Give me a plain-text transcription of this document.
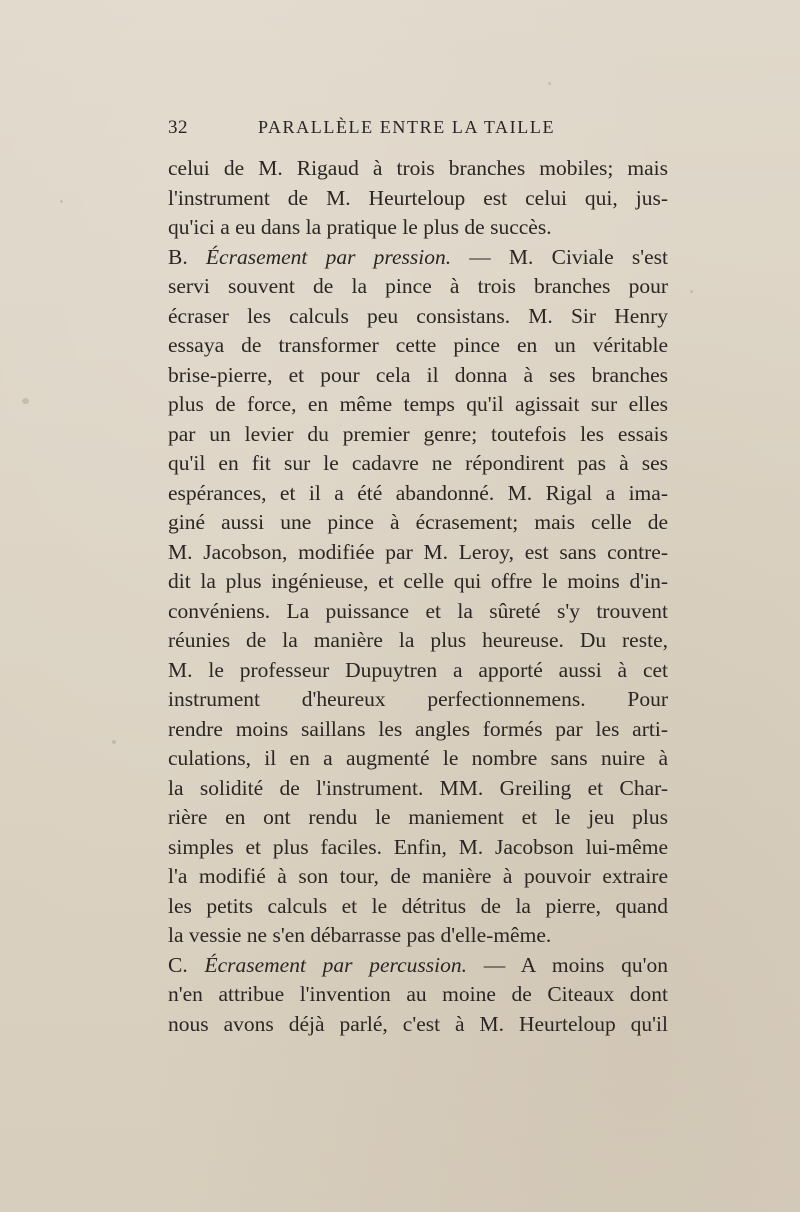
32	PARALLÈLE ENTRE LA TAILLE
celui de M. Rigaud à trois branches mobiles; mais
l'instrument de M. Heurteloup est celui qui, jus-
qu'ici a eu dans la pratique le plus de succès.
B. Écrasement par pression. — M. Civiale s'est
servi souvent de la pince à trois branches pour
écraser les calculs peu consistans. M. Sir Henry
essaya de transformer cette pince en un véritable
brise-pierre, et pour cela il donna à ses branches
plus de force, en même temps qu'il agissait sur elles
par un levier du premier genre; toutefois les essais
qu'il en fit sur le cadavre ne répondirent pas à ses
espérances, et il a été abandonné. M. Rigal a ima-
giné aussi une pince à écrasement; mais celle de
M. Jacobson, modifiée par M. Leroy, est sans contre-
dit la plus ingénieuse, et celle qui offre le moins d'in-
convéniens. La puissance et la sûreté s'y trouvent
réunies de la manière la plus heureuse. Du reste,
M. le professeur Dupuytren a apporté aussi à cet
instrument d'heureux perfectionnemens. Pour
rendre moins saillans les angles formés par les arti-
culations, il en a augmenté le nombre sans nuire à
la solidité de l'instrument. MM. Greiling et Char-
rière en ont rendu le maniement et le jeu plus
simples et plus faciles. Enfin, M. Jacobson lui-même
l'a modifié à son tour, de manière à pouvoir extraire
les petits calculs et le détritus de la pierre, quand
la vessie ne s'en débarrasse pas d'elle-même.
C. Écrasement par percussion. — A moins qu'on
n'en attribue l'invention au moine de Citeaux dont
nous avons déjà parlé, c'est à M. Heurteloup qu'il
